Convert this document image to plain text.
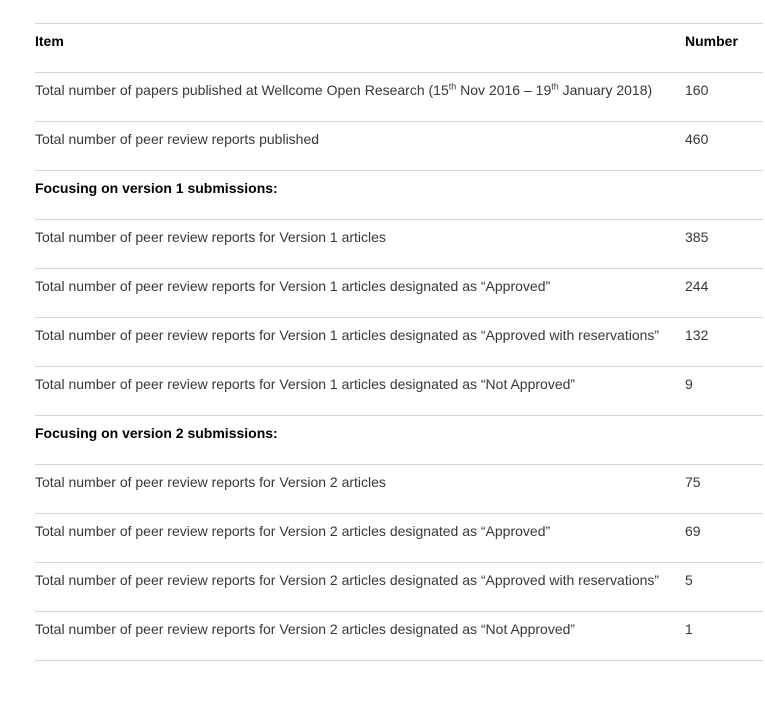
Item	Number
Total number of papers published at Wellcome Open Research (15th Nov 2016 – 19th January 2018)	160
Total number of peer review reports published	460
Focusing on version 1 submissions:	
Total number of peer review reports for Version 1 articles	385
Total number of peer review reports for Version 1 articles designated as “Approved”	244
Total number of peer review reports for Version 1 articles designated as “Approved with reservations”	132
Total number of peer review reports for Version 1 articles designated as “Not Approved”	9
Focusing on version 2 submissions:	
Total number of peer review reports for Version 2 articles	75
Total number of peer review reports for Version 2 articles designated as “Approved”	69
Total number of peer review reports for Version 2 articles designated as “Approved with reservations”	5
Total number of peer review reports for Version 2 articles designated as “Not Approved”	1
